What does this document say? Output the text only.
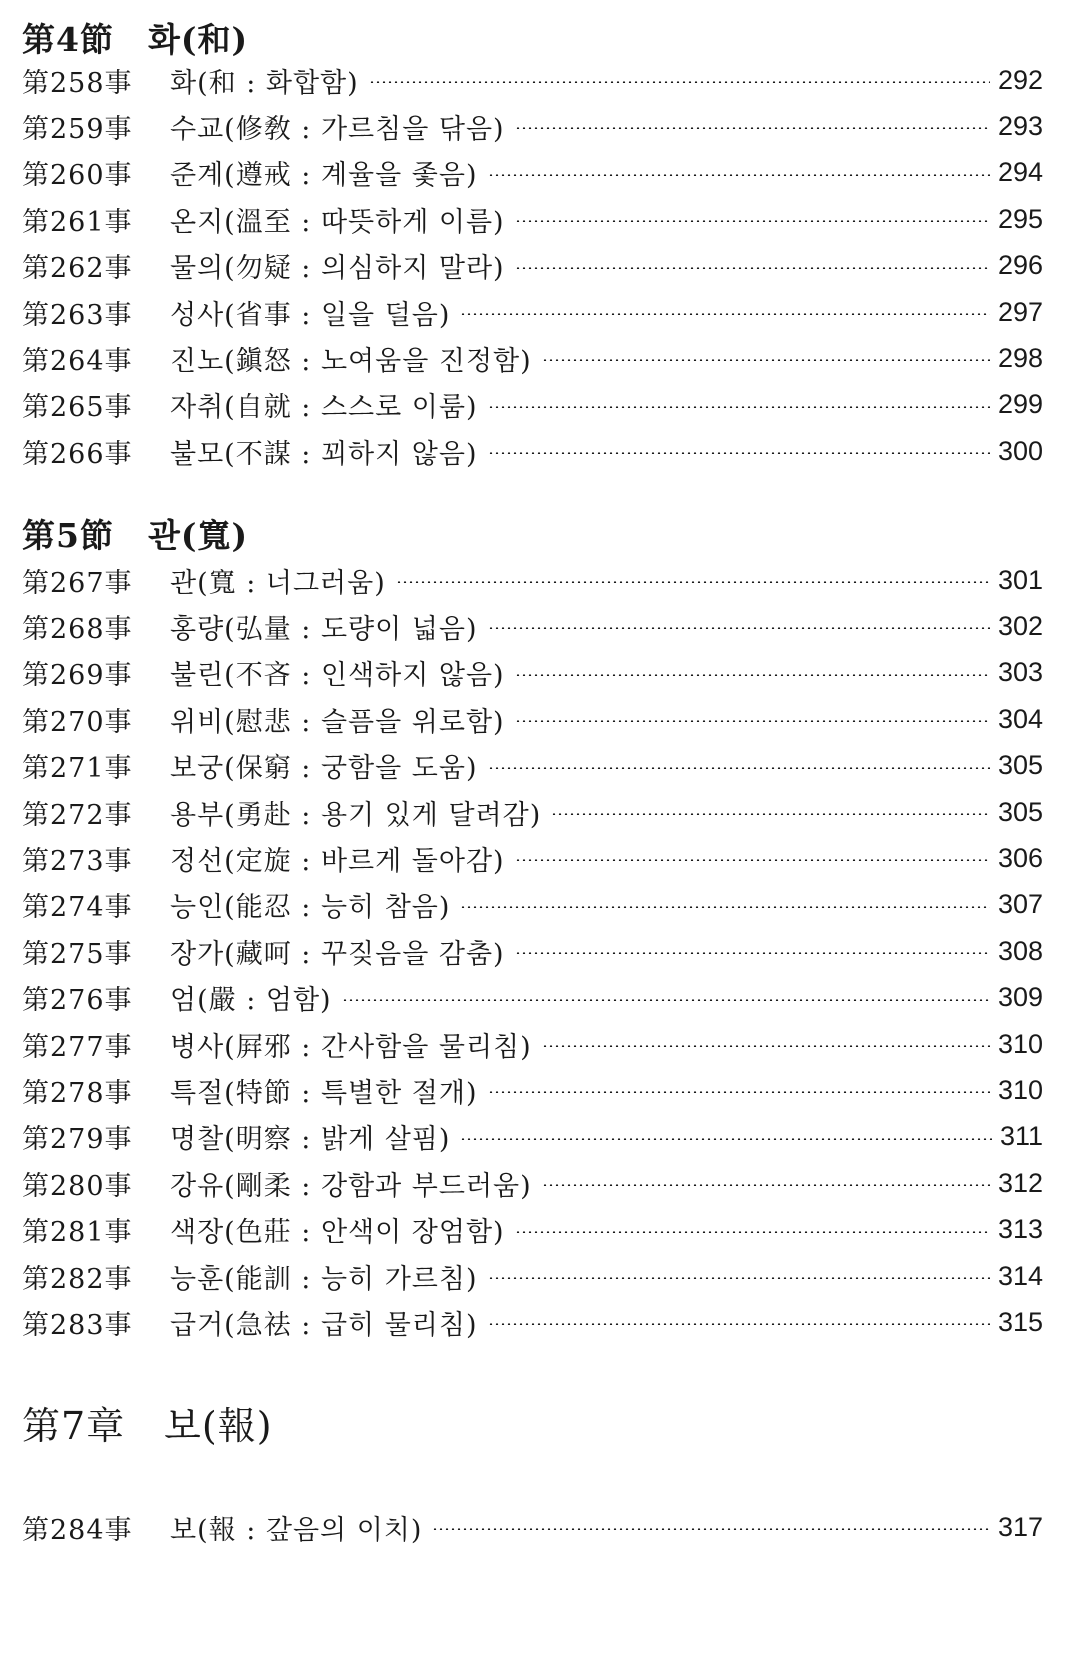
第4節　화(和)
第258事	화(和 : 화합함)	292
第259事	수교(修敎 : 가르침을 닦음)	293
第260事	준계(遵戒 : 계율을 좇음)	294
第261事	온지(溫至 : 따뜻하게 이름)	295
第262事	물의(勿疑 : 의심하지 말라)	296
第263事	성사(省事 : 일을 덜음)	297
第264事	진노(鎭怒 : 노여움을 진정함)	298
第265事	자취(自就 : 스스로 이룸)	299
第266事	불모(不謀 : 꾀하지 않음)	300
第5節　관(寬)
第267事	관(寬 : 너그러움)	301
第268事	홍량(弘量 : 도량이 넓음)	302
第269事	불린(不吝 : 인색하지 않음)	303
第270事	위비(慰悲 : 슬픔을 위로함)	304
第271事	보궁(保窮 : 궁함을 도움)	305
第272事	용부(勇赴 : 용기 있게 달려감)	305
第273事	정선(定旋 : 바르게 돌아감)	306
第274事	능인(能忍 : 능히 참음)	307
第275事	장가(藏呵 : 꾸짖음을 감춤)	308
第276事	엄(嚴 : 엄함)	309
第277事	병사(屛邪 : 간사함을 물리침)	310
第278事	특절(特節 : 특별한 절개)	310
第279事	명찰(明察 : 밝게 살핌)	311
第280事	강유(剛柔 : 강함과 부드러움)	312
第281事	색장(色莊 : 안색이 장엄함)	313
第282事	능훈(能訓 : 능히 가르침)	314
第283事	급거(急祛 : 급히 물리침)	315
第7章　보(報)
第284事	보(報 : 갚음의 이치)	317
